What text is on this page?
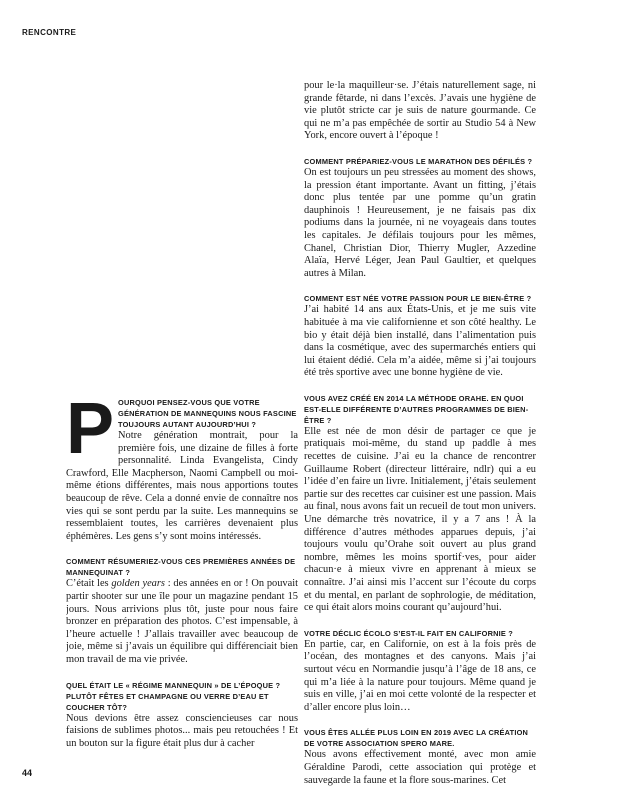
RENCONTRE
P OURQUOI PENSEZ-VOUS QUE VOTRE GÉNÉRATION DE MANNEQUINS NOUS FASCINE TOUJOURS AUTANT AUJOURD’HUI ?

Notre génération montrait, pour la première fois, une dizaine de filles à forte personnalité. Linda Evangelista, Cindy Crawford, Elle Macpherson, Naomi Campbell ou moi-même étions différentes, mais nous apportions toutes beaucoup de rêve. Cela a donné envie de connaître nos vies qui se sont perdu par la suite. Les mannequins se ressemblaient toutes, les carrières devenaient plus éphémères. Les gens s’y sont moins intéressés.

COMMENT RÉSUMERIEZ-VOUS CES PREMIÈRES ANNÉES DE MANNEQUINAT ?

C’était les golden years : des années en or ! On pouvait partir shooter sur une île pour un magazine pendant 15 jours. Nous arrivions plus tôt, juste pour nous faire bronzer en préparation des photos. C’est impensable, à l’heure actuelle ! J’allais travailler avec beaucoup de joie, même si j’avais un équilibre qui différenciait bien mon travail de ma vie privée.

QUEL ÉTAIT LE « RÉGIME MANNEQUIN » DE L’ÉPOQUE ? PLUTÔT FÊTES ET CHAMPAGNE OU VERRE D’EAU ET COUCHER TÔT?

Nous devions être assez consciencieuses car nous faisions de sublimes photos... mais peu retouchées ! Et un bouton sur la figure était plus dur à cacher

pour le·la maquilleur·se. J’étais naturellement sage, ni grande fêtarde, ni dans l’excès. J’avais une hygiène de vie plutôt stricte car je suis de nature gourmande. Ce qui ne m’a pas empêchée de sortir au Studio 54 à New York, encore ouvert à l’époque !

COMMENT PRÉPARIEZ-VOUS LE MARATHON DES DÉFILÉS ?

On est toujours un peu stressées au moment des shows, la pression étant importante. Avant un fitting, j’étais donc plus tentée par une pomme qu’un gratin dauphinois ! Heureusement, je ne faisais pas dix podiums dans la journée, ni ne voyageais dans toutes les capitales. Je défilais toujours pour les mêmes, Chanel, Christian Dior, Thierry Mugler, Azzedine Alaïa, Hervé Léger, Jean Paul Gaultier, et quelques autres à Milan.

COMMENT EST NÉE VOTRE PASSION POUR LE BIEN-ÊTRE ?

J’ai habité 14 ans aux États-Unis, et je me suis vite habituée à ma vie californienne et son côté healthy. Le bio y était déjà bien installé, dans l’alimentation puis dans la cosmétique, avec des supermarchés entiers qui lui étaient dédié. Cela m’a aidée, même si j’ai toujours été très sportive avec une bonne hygiène de vie.

VOUS AVEZ CRÉÉ EN 2014 LA MÉTHODE ORAHE. EN QUOI EST-ELLE DIFFÉRENTE D’AUTRES PROGRAMMES DE BIEN-ÊTRE ?

Elle est née de mon désir de partager ce que je pratiquais moi-même, du stand up paddle à mes recettes de cuisine. J’ai eu la chance de rencontrer Guillaume Robert (directeur littéraire, ndlr) qui a eu l’idée d’en faire un livre. Initialement, j’étais seulement partie sur des recettes car cuisiner est une passion. Mais au final, nous avons fait un recueil de tout mon univers. Une démarche très novatrice, il y a 7 ans ! À la différence d’autres méthodes apparues depuis, j’ai toujours voulu qu’Orahe soit ouvert au plus grand nombre, mêmes les moins sportif·ves, pour aider chacun·e à mieux vivre en apprenant à mieux se connaître. J’ai ainsi mis l’accent sur l’écoute du corps et du mental, en parlant de sophrologie, de méditation, ce qui était alors moins courant qu’aujourd’hui.

VOTRE DÉCLIC ÉCOLO S’EST-IL FAIT EN CALIFORNIE ?

En partie, car, en Californie, on est à la fois près de l’océan, des montagnes et des canyons. Mais j’ai surtout vécu en Normandie jusqu’à l’âge de 18 ans, ce qui m’a liée à la nature pour toujours. Même quand je suis en ville, j’ai en moi cette volonté de la respecter et d’aller encore plus loin…

VOUS ÊTES ALLÉE PLUS LOIN EN 2019 AVEC LA CRÉATION DE VOTRE ASSOCIATION SPERO MARE.

Nous avons effectivement monté, avec mon amie Géraldine Parodi, cette association qui protège et sauvegarde la faune et la flore sous-marines. Cet

44
